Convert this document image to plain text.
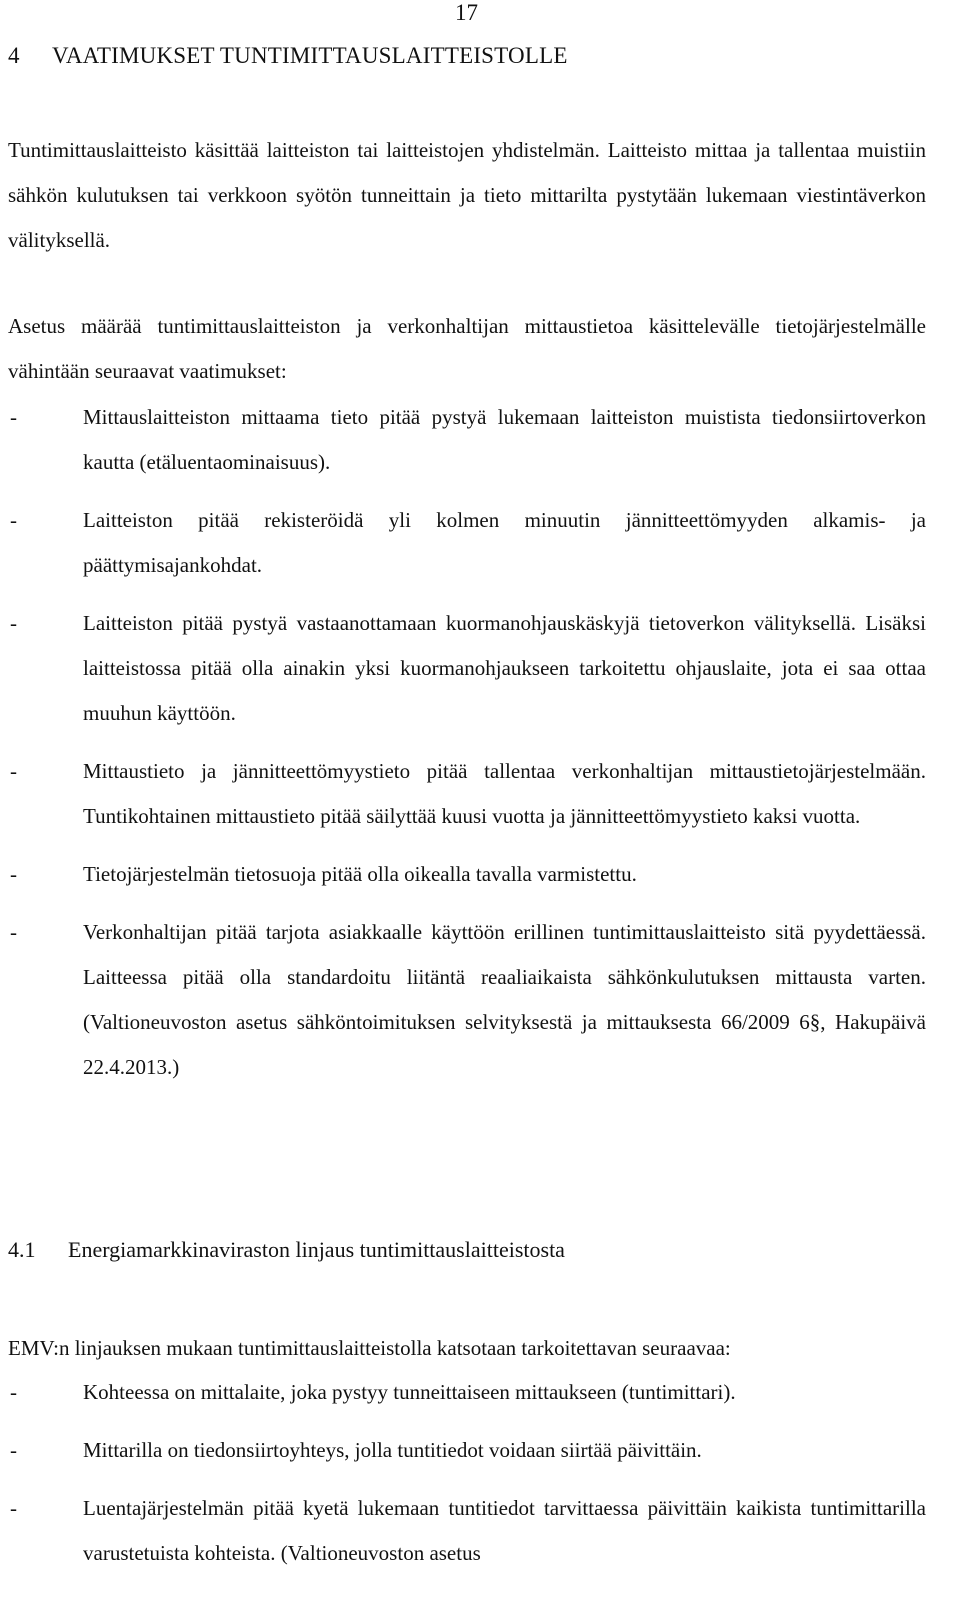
17
4 VAATIMUKSET TUNTIMITTAUSLAITTEISTOLLE

Tuntimittauslaitteisto käsittää laitteiston tai laitteistojen yhdistelmän. Laitteisto mittaa ja tallentaa muistiin sähkön kulutuksen tai verkkoon syötön tunneittain ja tieto mittarilta pystytään lukemaan viestintäverkon välityksellä.

Asetus määrää tuntimittauslaitteiston ja verkonhaltijan mittaustietoa käsittelevälle tietojärjestelmälle vähintään seuraavat vaatimukset:

-	Mittauslaitteiston mittaama tieto pitää pystyä lukemaan laitteiston muistista tiedonsiirtoverkon kautta (etäluentaominaisuus).
-	Laitteiston pitää rekisteröidä yli kolmen minuutin jännitteettömyyden alkamis- ja päättymisajankohdat.
-	Laitteiston pitää pystyä vastaanottamaan kuormanohjauskäskyjä tietoverkon välityksellä. Lisäksi laitteistossa pitää olla ainakin yksi kuormanohjaukseen tarkoitettu ohjauslaite, jota ei saa ottaa muuhun käyttöön.
-	Mittaustieto ja jännitteettömyystieto pitää tallentaa verkonhaltijan mittaustietojärjestelmään. Tuntikohtainen mittaustieto pitää säilyttää kuusi vuotta ja jännitteettömyystieto kaksi vuotta.
-	Tietojärjestelmän tietosuoja pitää olla oikealla tavalla varmistettu.
-	Verkonhaltijan pitää tarjota asiakkaalle käyttöön erillinen tuntimittauslaitteisto sitä pyydettäessä. Laitteessa pitää olla standardoitu liitäntä reaaliaikaista sähkönkulutuksen mittausta varten. (Valtioneuvoston asetus sähköntoimituksen selvityksestä ja mittauksesta 66/2009 6§, Hakupäivä 22.4.2013.)
4.1 Energiamarkkinaviraston linjaus tuntimittauslaitteistosta

EMV:n linjauksen mukaan tuntimittauslaitteistolla katsotaan tarkoitettavan seuraavaa:

-	Kohteessa on mittalaite, joka pystyy tunneittaiseen mittaukseen (tuntimittari).
-	Mittarilla on tiedonsiirtoyhteys, jolla tuntitiedot voidaan siirtää päivittäin.
-	Luentajärjestelmän pitää kyetä lukemaan tuntitiedot tarvittaessa päivittäin kaikista tuntimittarilla varustetuista kohteista. (Valtioneuvoston asetus
